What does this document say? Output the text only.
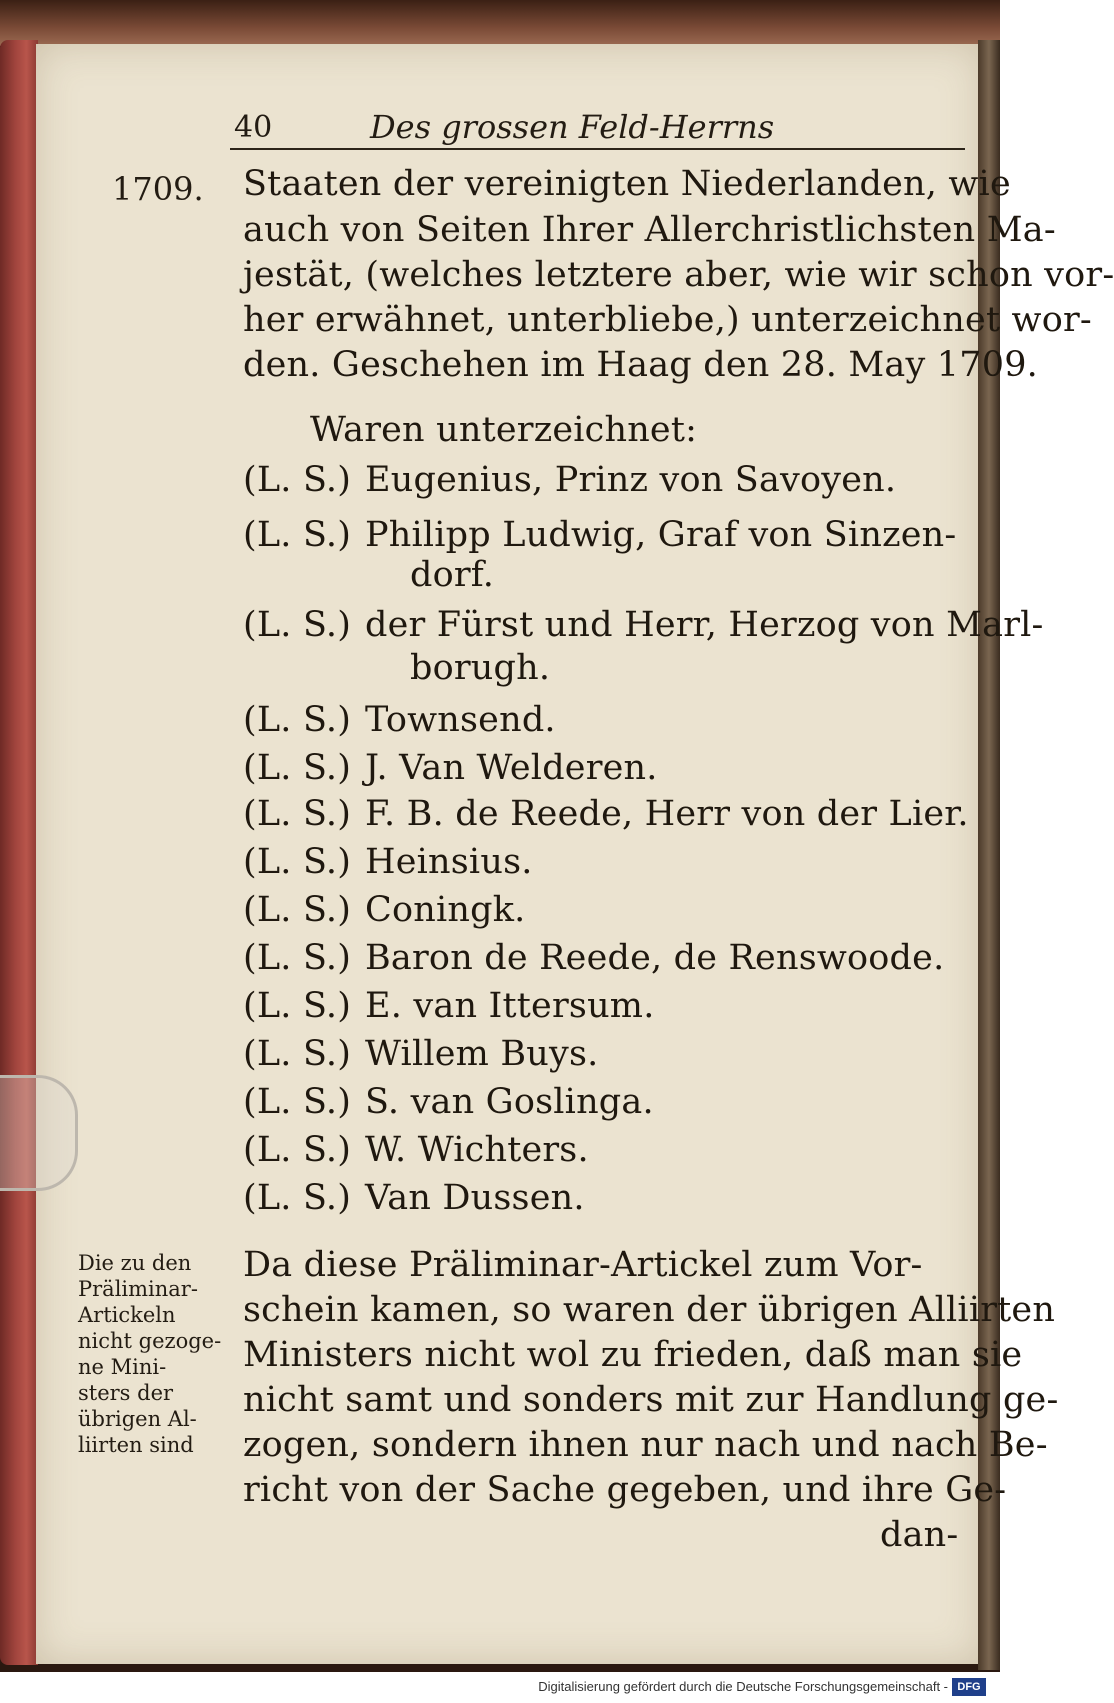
40	Des grossen Feld-Herrns
1709. Staaten der vereinigten Niederlanden, wie
auch von Seiten Ihrer Allerchristlichsten Ma-
jestät, (welches letztere aber, wie wir schon vor-
her erwähnet, unterbliebe,) unterzeichnet wor-
den. Geschehen im Haag den 28. May 1709.
Waren unterzeichnet:
(L. S.) Eugenius, Prinz von Savoyen.
(L. S.) Philipp Ludwig, Graf von Sinzen-
dorf.
(L. S.) der Fürst und Herr, Herzog von Marl-
borugh.
(L. S.) Townsend.
(L. S.) J. Van Welderen.
(L. S.) F. B. de Reede, Herr von der Lier.
(L. S.) Heinsius.
(L. S.) Coningk.
(L. S.) Baron de Reede, de Renswoode.
(L. S.) E. van Ittersum.
(L. S.) Willem Buys.
(L. S.) S. van Goslinga.
(L. S.) W. Wichters.
(L. S.) Van Dussen.
Da diese Präliminar-Artickel zum Vor-
schein kamen, so waren der übrigen Alliirten
Ministers nicht wol zu frieden, daß man sie
nicht samt und sonders mit zur Handlung ge-
zogen, sondern ihnen nur nach und nach Be-
richt von der Sache gegeben, und ihre Ge-
dan-
Die zu den
Präliminar-
Artickeln
nicht gezoge-
ne Mini-
sters der
übrigen Al-
liirten sind
Digitalisierung gefördert durch die Deutsche Forschungsgemeinschaft - DFG
